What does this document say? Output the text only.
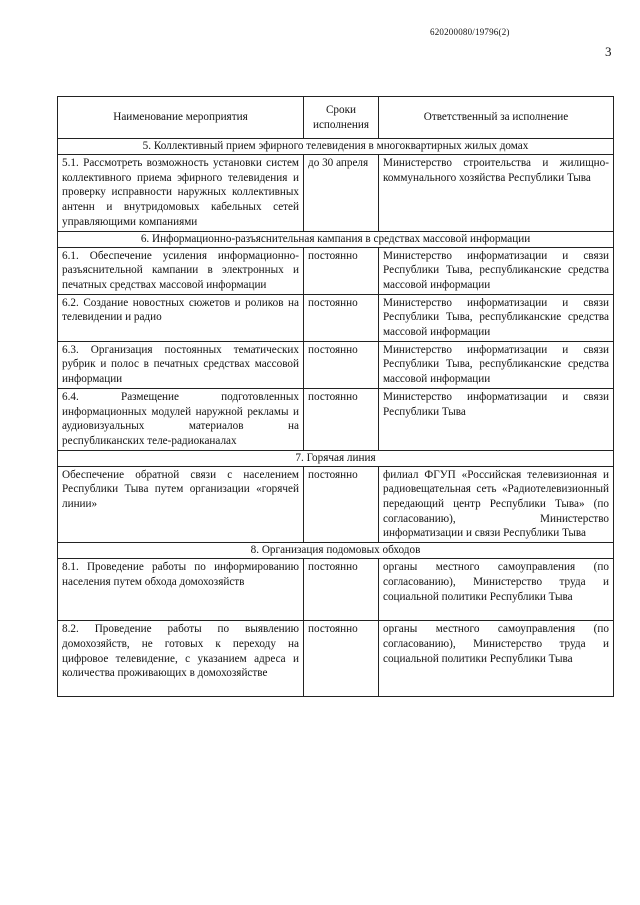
620200080/19796(2)
3
Наименование мероприятия	Сроки исполнения	Ответственный за исполнение
5. Коллективный прием эфирного телевидения в многоквартирных жилых домах		
5.1. Рассмотреть возможность установки систем коллективного приема эфирного телевидения и проверку исправности наружных коллективных антенн и внутридомовых кабельных сетей управляющими компаниями	до 30 апреля	Министерство строительства и жилищно-коммунального хозяйства Республики Тыва
6. Информационно-разъяснительная кампания в средствах массовой информации		
6.1. Обеспечение усиления информационно-разъяснительной кампании в электронных и печатных средствах массовой информации	постоянно	Министерство информатизации и связи Республики Тыва, республиканские средства массовой информации
6.2. Создание новостных сюжетов и роликов на телевидении и радио	постоянно	Министерство информатизации и связи Республики Тыва, республиканские средства массовой информации
6.3. Организация постоянных тематических рубрик и полос в печатных средствах массовой информации	постоянно	Министерство информатизации и связи Республики Тыва, республиканские средства массовой информации
6.4. Размещение подготовленных информационных модулей наружной рекламы и аудиовизуальных материалов на республиканских теле-радиоканалах	постоянно	Министерство информатизации и связи Республики Тыва
7. Горячая линия		
Обеспечение обратной связи с населением Республики Тыва путем организации «горячей линии»	постоянно	филиал ФГУП «Российская телевизионная и радиовещательная сеть «Радиотелевизионный передающий центр Республики Тыва» (по согласованию), Министерство информатизации и связи Республики Тыва
8. Организация подомовых обходов		
8.1. Проведение работы по информированию населения путем обхода домохозяйств	постоянно	органы местного самоуправления (по согласованию), Министерство труда и социальной политики Республики Тыва
8.2. Проведение работы по выявлению домохозяйств, не готовых к переходу на цифровое телевидение, с указанием адреса и количества проживающих в домохозяйстве	постоянно	органы местного самоуправления (по согласованию), Министерство труда и социальной политики Республики Тыва
